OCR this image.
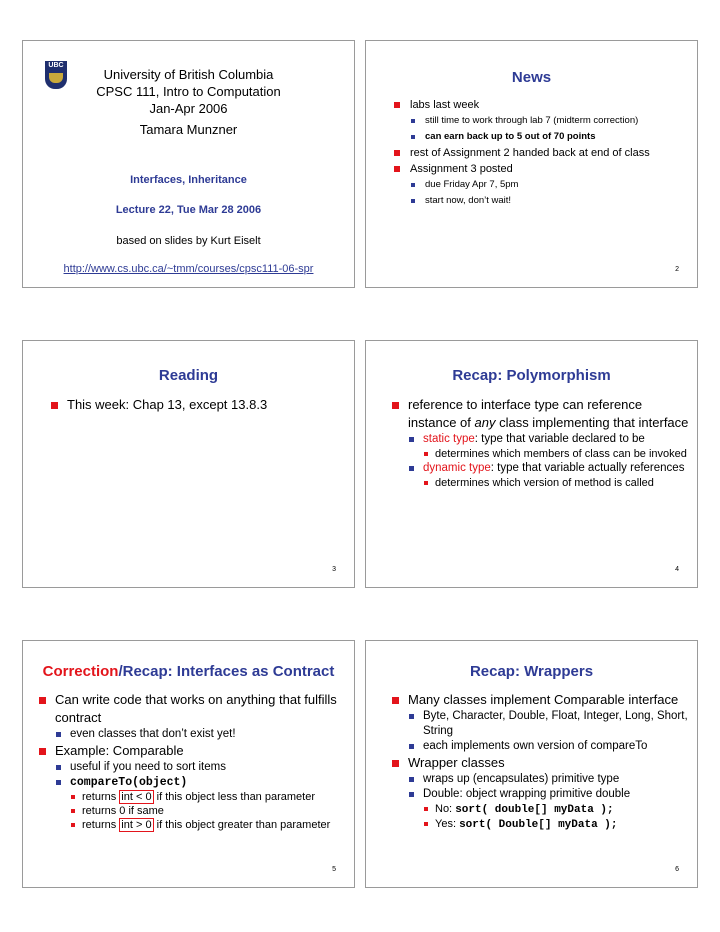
UBC
University of British Columbia
CPSC 111, Intro to Computation
Jan-Apr 2006
Tamara Munzner
Interfaces, Inheritance
Lecture 22, Tue Mar 28 2006
based on slides by Kurt Eiselt
http://www.cs.ubc.ca/~tmm/courses/cpsc111-06-spr
News
labs last week
still time to work through lab 7 (midterm correction)
can earn back up to 5 out of 70 points
rest of Assignment 2 handed back at end of class
Assignment 3 posted
due Friday Apr 7, 5pm
start now, don’t wait!
2
Reading
This week: Chap 13, except 13.8.3
3
Recap: Polymorphism
reference to interface type can reference instance of any class implementing that interface
static type: type that variable declared to be
determines which members of class can be invoked
dynamic type: type that variable actually references
determines which version of method is called
4
Correction/Recap: Interfaces as Contract
Can write code that works on anything that fulfills contract
even classes that don’t exist yet!
Example: Comparable
useful if you need to sort items
compareTo(object)
returns int < 0 if this object less than parameter
returns 0 if same
returns int > 0 if this object greater than parameter
5
Recap: Wrappers
Many classes implement Comparable interface
Byte, Character, Double, Float, Integer, Long, Short, String
each implements own version of compareTo
Wrapper classes
wraps up (encapsulates) primitive type
Double: object wrapping primitive double
No: sort( double[] myData );
Yes: sort( Double[] myData );
6
